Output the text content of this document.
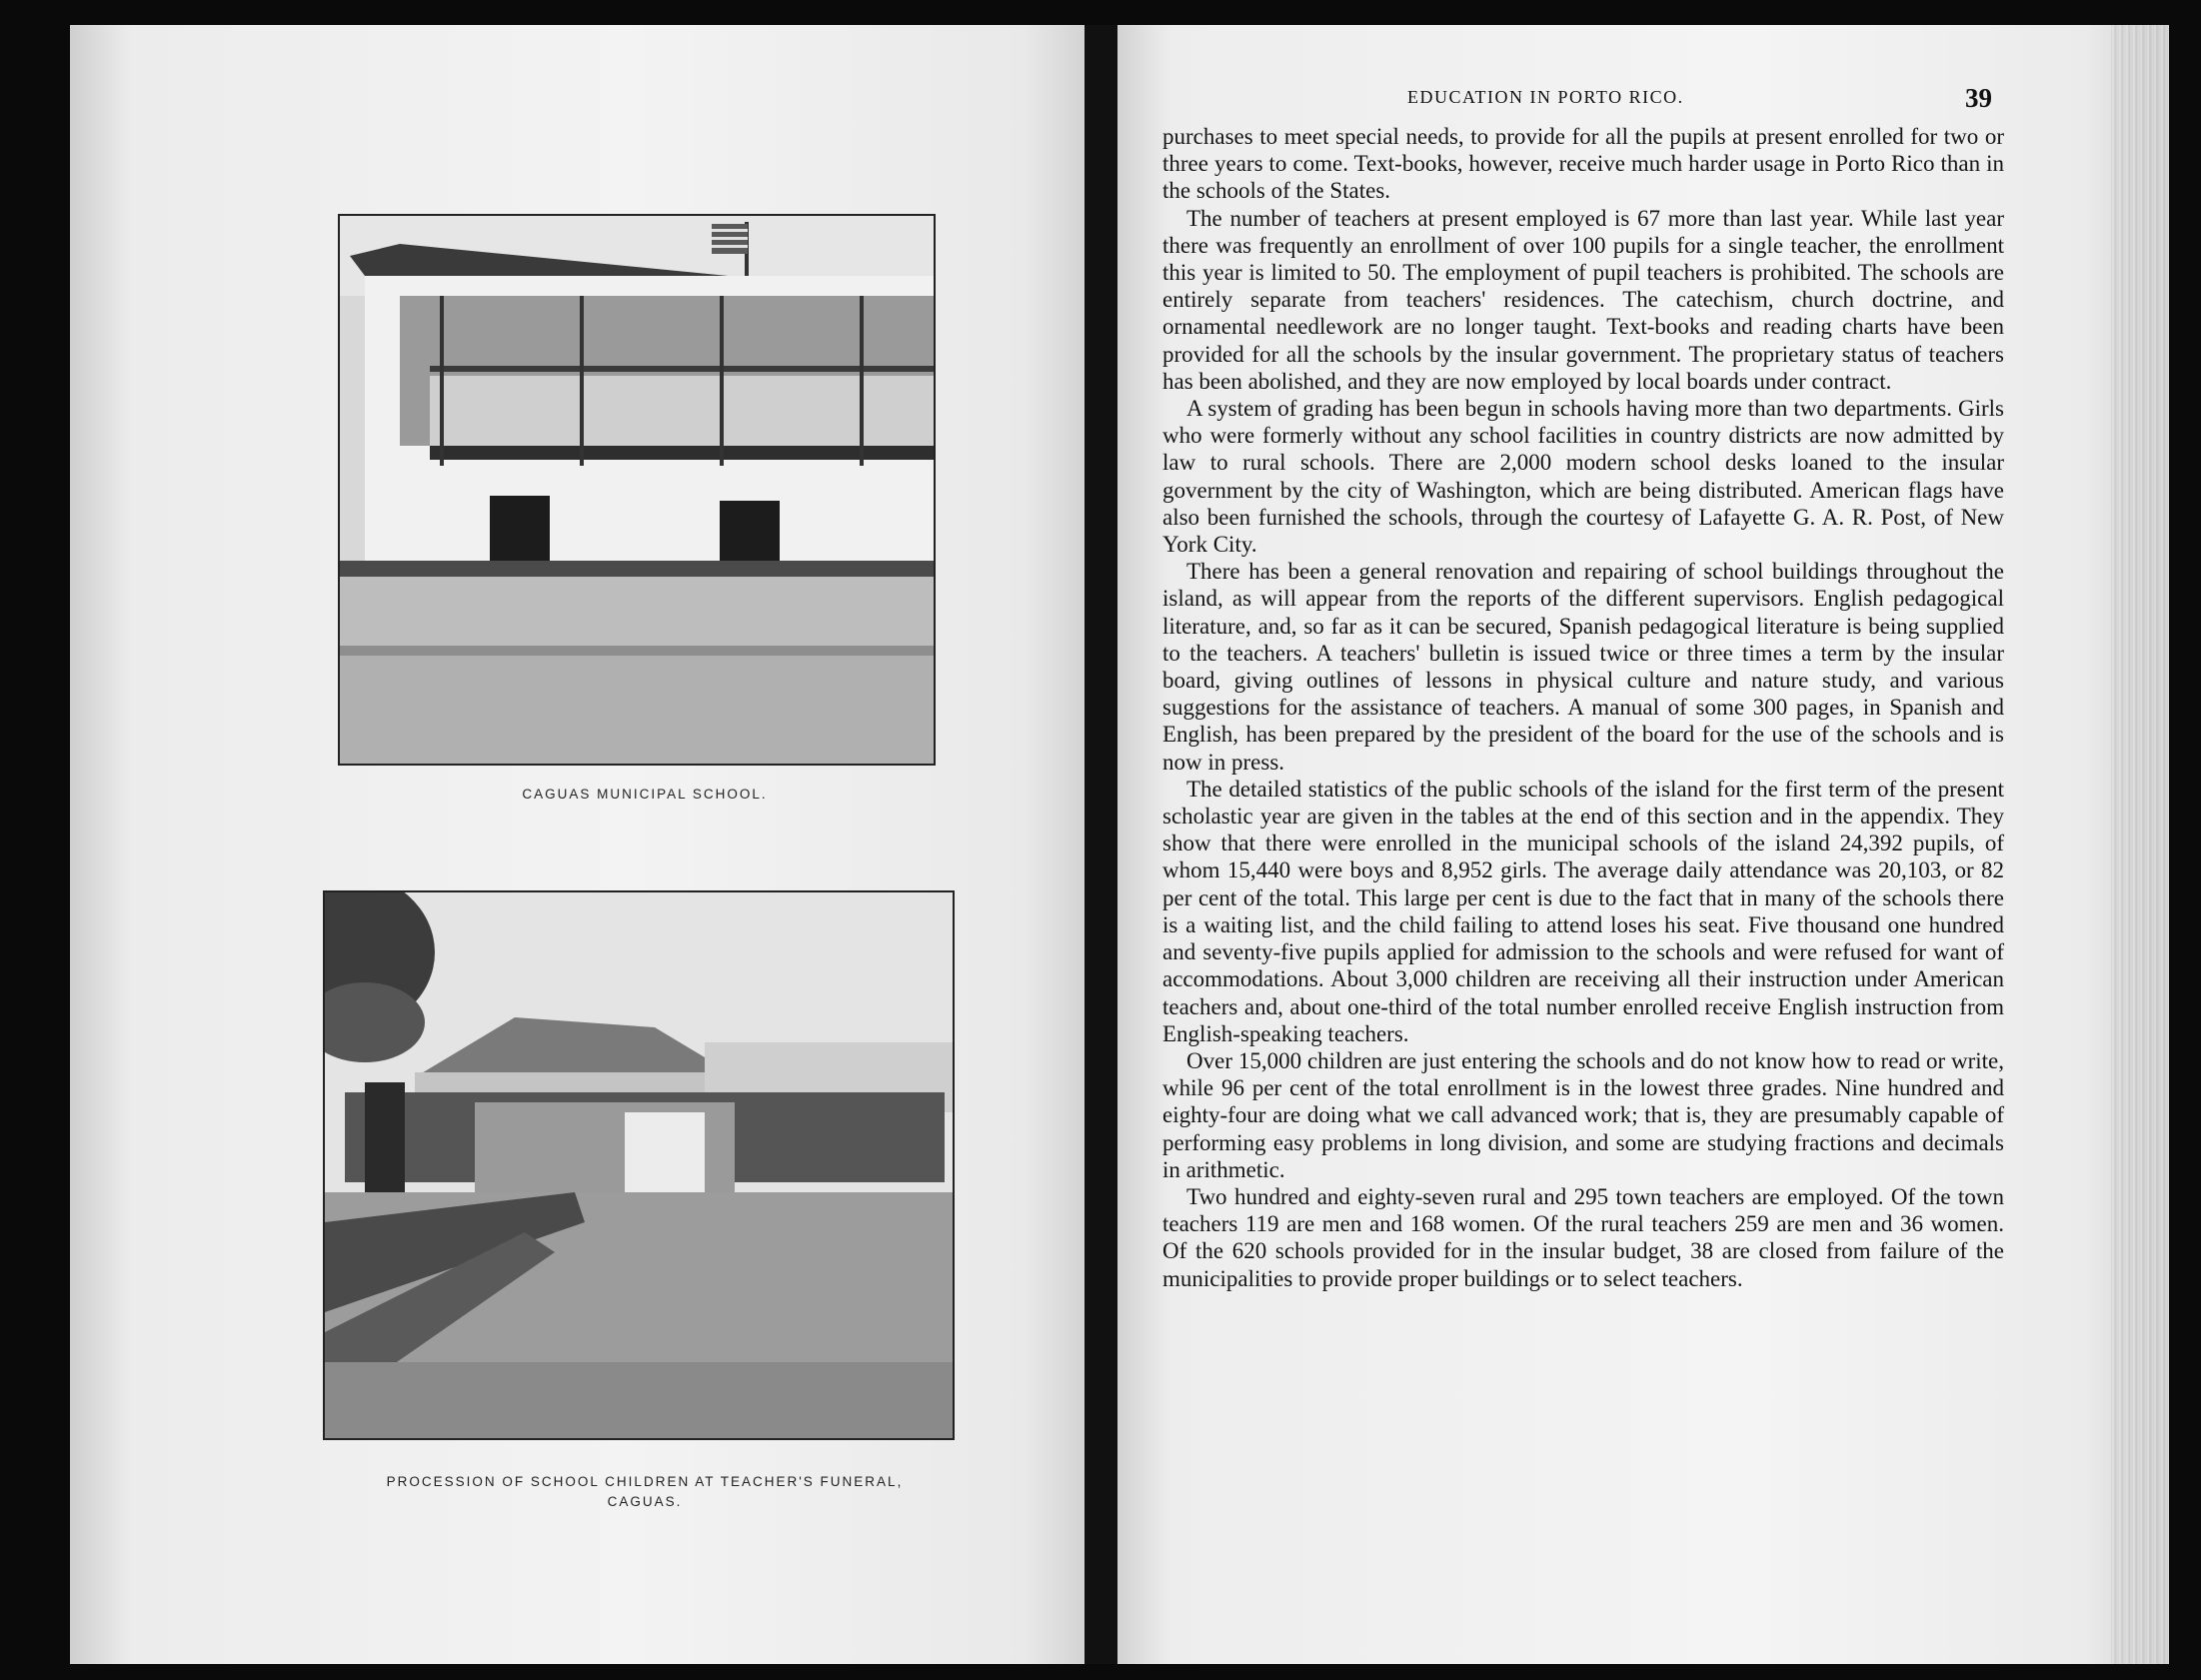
CAGUAS MUNICIPAL SCHOOL.
PROCESSION OF SCHOOL CHILDREN AT TEACHER'S FUNERAL,
CAGUAS.
EDUCATION IN PORTO RICO.	39

purchases to meet special needs, to provide for all the pupils at present enrolled for two or three years to come. Text-books, however, receive much harder usage in Porto Rico than in the schools of the States.

The number of teachers at present employed is 67 more than last year. While last year there was frequently an enrollment of over 100 pupils for a single teacher, the enrollment this year is limited to 50. The employment of pupil teachers is prohibited. The schools are entirely separate from teachers' residences. The catechism, church doctrine, and ornamental needlework are no longer taught. Text-books and reading charts have been provided for all the schools by the insular government. The proprietary status of teachers has been abolished, and they are now employed by local boards under contract.

A system of grading has been begun in schools having more than two departments. Girls who were formerly without any school facilities in country districts are now admitted by law to rural schools. There are 2,000 modern school desks loaned to the insular government by the city of Washington, which are being distributed. American flags have also been furnished the schools, through the courtesy of Lafayette G. A. R. Post, of New York City.

There has been a general renovation and repairing of school buildings throughout the island, as will appear from the reports of the different supervisors. English pedagogical literature, and, so far as it can be secured, Spanish pedagogical literature is being supplied to the teachers. A teachers' bulletin is issued twice or three times a term by the insular board, giving outlines of lessons in physical culture and nature study, and various suggestions for the assistance of teachers. A manual of some 300 pages, in Spanish and English, has been prepared by the president of the board for the use of the schools and is now in press.

The detailed statistics of the public schools of the island for the first term of the present scholastic year are given in the tables at the end of this section and in the appendix. They show that there were enrolled in the municipal schools of the island 24,392 pupils, of whom 15,440 were boys and 8,952 girls. The average daily attendance was 20,103, or 82 per cent of the total. This large per cent is due to the fact that in many of the schools there is a waiting list, and the child failing to attend loses his seat. Five thousand one hundred and seventy-five pupils applied for admission to the schools and were refused for want of accommodations. About 3,000 children are receiving all their instruction under American teachers and, about one-third of the total number enrolled receive English instruction from English-speaking teachers.

Over 15,000 children are just entering the schools and do not know how to read or write, while 96 per cent of the total enrollment is in the lowest three grades. Nine hundred and eighty-four are doing what we call advanced work; that is, they are presumably capable of performing easy problems in long division, and some are studying fractions and decimals in arithmetic.

Two hundred and eighty-seven rural and 295 town teachers are employed. Of the town teachers 119 are men and 168 women. Of the rural teachers 259 are men and 36 women. Of the 620 schools provided for in the insular budget, 38 are closed from failure of the municipalities to provide proper buildings or to select teachers.
